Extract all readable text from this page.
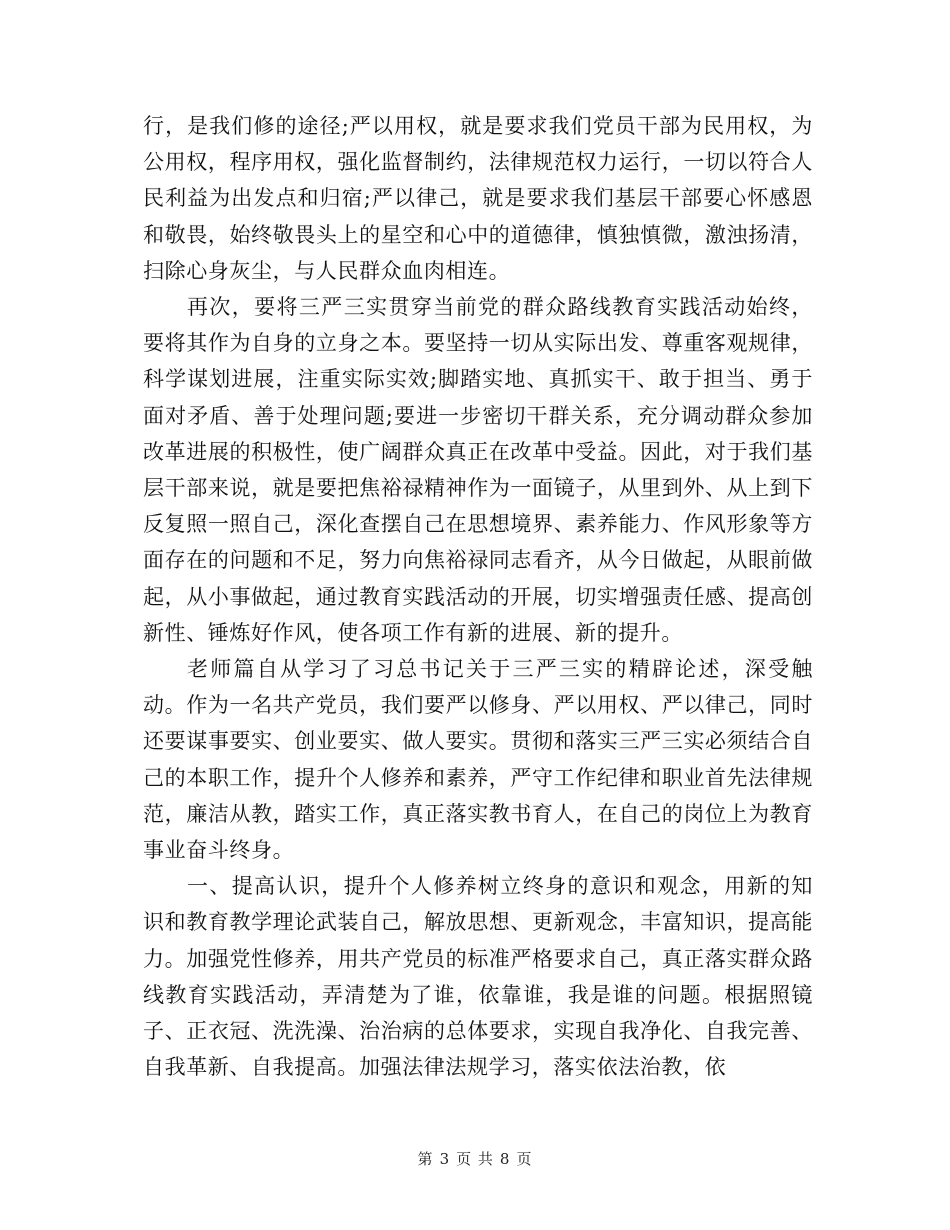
行，是我们修的途径;严以用权，就是要求我们党员干部为民用权，为公用权，程序用权，强化监督制约，法律规范权力运行，一切以符合人民利益为出发点和归宿;严以律己，就是要求我们基层干部要心怀感恩和敬畏，始终敬畏头上的星空和心中的道德律，慎独慎微，激浊扬清，扫除心身灰尘，与人民群众血肉相连。

再次，要将三严三实贯穿当前党的群众路线教育实践活动始终，要将其作为自身的立身之本。要坚持一切从实际出发、尊重客观规律，科学谋划进展，注重实际实效;脚踏实地、真抓实干、敢于担当、勇于面对矛盾、善于处理问题;要进一步密切干群关系，充分调动群众参加改革进展的积极性，使广阔群众真正在改革中受益。因此，对于我们基层干部来说，就是要把焦裕禄精神作为一面镜子，从里到外、从上到下反复照一照自己，深化查摆自己在思想境界、素养能力、作风形象等方面存在的问题和不足，努力向焦裕禄同志看齐，从今日做起，从眼前做起，从小事做起，通过教育实践活动的开展，切实增强责任感、提高创新性、锤炼好作风，使各项工作有新的进展、新的提升。

老师篇自从学习了习总书记关于三严三实的精辟论述，深受触动。作为一名共产党员，我们要严以修身、严以用权、严以律己，同时还要谋事要实、创业要实、做人要实。贯彻和落实三严三实必须结合自己的本职工作，提升个人修养和素养，严守工作纪律和职业首先法律规范，廉洁从教，踏实工作，真正落实教书育人，在自己的岗位上为教育事业奋斗终身。

一、提高认识，提升个人修养树立终身的意识和观念，用新的知识和教育教学理论武装自己，解放思想、更新观念，丰富知识，提高能力。加强党性修养，用共产党员的标准严格要求自己，真正落实群众路线教育实践活动，弄清楚为了谁，依靠谁，我是谁的问题。根据照镜子、正衣冠、洗洗澡、治治病的总体要求，实现自我净化、自我完善、自我革新、自我提高。加强法律法规学习，落实依法治教，依

第 3 页 共 8 页
